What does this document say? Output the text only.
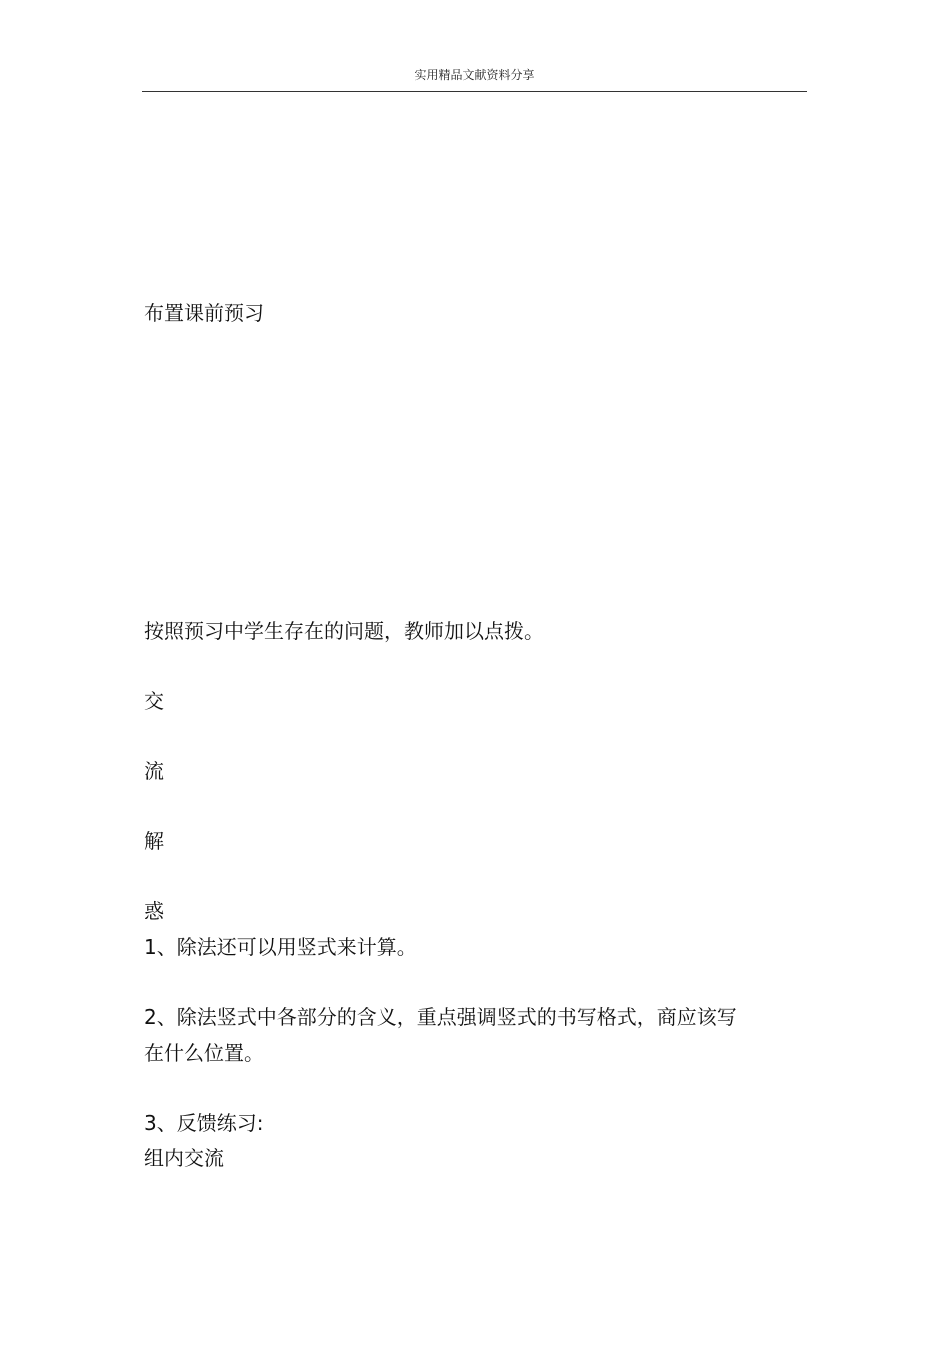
实用精品文献资料分享
布置课前预习
按照预习中学生存在的问题，教师加以点拨。
交
流
解
惑
1、除法还可以用竖式来计算。
2、除法竖式中各部分的含义，重点强调竖式的书写格式，商应该写
在什么位置。
3、反馈练习:
组内交流
